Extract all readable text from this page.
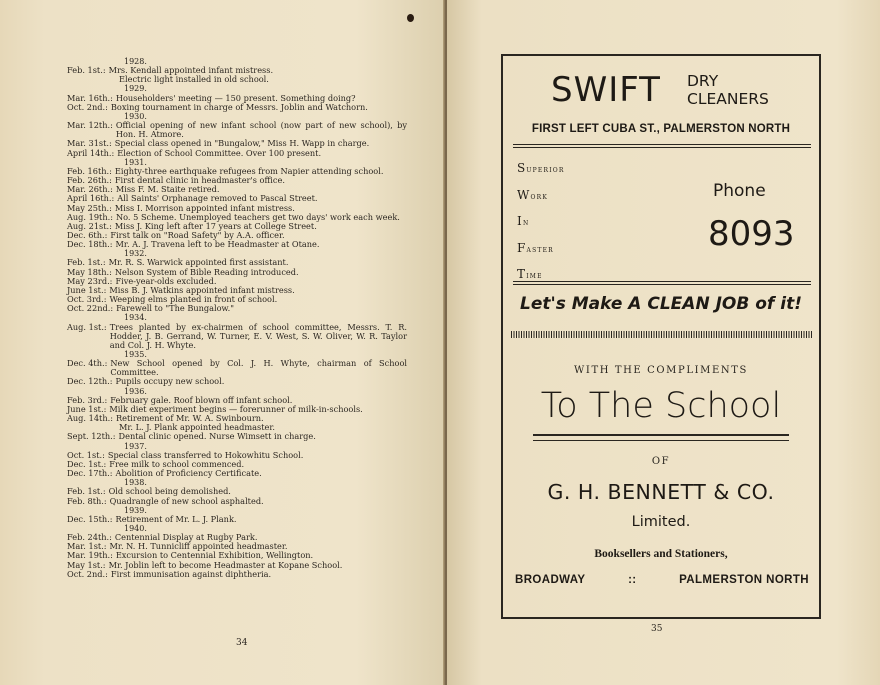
1928.
Feb. 1st.: Mrs. Kendall appointed infant mistress.
Electric light installed in old school.
1929.
Mar. 16th.: Householders' meeting — 150 present. Something doing?
Oct. 2nd.: Boxing tournament in charge of Messrs. Joblin and Watchorn.
1930.
Mar. 12th.: Official opening of new infant school (now part of new school), by Hon. H. Atmore.
Mar. 31st.: Special class opened in "Bungalow," Miss H. Wapp in charge.
April 14th.: Election of School Committee. Over 100 present.
1931.
Feb. 16th.: Eighty-three earthquake refugees from Napier attending school.
Feb. 26th.: First dental clinic in headmaster's office.
Mar. 26th.: Miss F. M. Staite retired.
April 16th.: All Saints' Orphanage removed to Pascal Street.
May 25th.: Miss I. Morrison appointed infant mistress.
Aug. 19th.: No. 5 Scheme. Unemployed teachers get two days' work each week.
Aug. 21st.: Miss J. King left after 17 years at College Street.
Dec. 6th.: First talk on "Road Safety" by A.A. officer.
Dec. 18th.: Mr. A. J. Travena left to be Headmaster at Otane.
1932.
Feb. 1st.: Mr. R. S. Warwick appointed first assistant.
May 18th.: Nelson System of Bible Reading introduced.
May 23rd.: Five-year-olds excluded.
June 1st.: Miss B. J. Watkins appointed infant mistress.
Oct. 3rd.: Weeping elms planted in front of school.
Oct. 22nd.: Farewell to "The Bungalow."
1934.
Aug. 1st.: Trees planted by ex-chairmen of school committee, Messrs. T. R. Hodder, J. B. Gerrand, W. Turner, E. V. West, S. W. Oliver, W. R. Taylor and Col. J. H. Whyte.
1935.
Dec. 4th.: New School opened by Col. J. H. Whyte, chairman of School Committee.
Dec. 12th.: Pupils occupy new school.
1936.
Feb. 3rd.: February gale. Roof blown off infant school.
June 1st.: Milk diet experiment begins — forerunner of milk-in-schools.
Aug. 14th.: Retirement of Mr. W. A. Swinbourn.
Mr. L. J. Plank appointed headmaster.
Sept. 12th.: Dental clinic opened. Nurse Wimsett in charge.
1937.
Oct. 1st.: Special class transferred to Hokowhitu School.
Dec. 1st.: Free milk to school commenced.
Dec. 17th.: Abolition of Proficiency Certificate.
1938.
Feb. 1st.: Old school being demolished.
Feb. 8th.: Quadrangle of new school asphalted.
1939.
Dec. 15th.: Retirement of Mr. L. J. Plank.
1940.
Feb. 24th.: Centennial Display at Rugby Park.
Mar. 1st.: Mr. N. H. Tunnicliff appointed headmaster.
Mar. 19th.: Excursion to Centennial Exhibition, Wellington.
May 1st.: Mr. Joblin left to become Headmaster at Kopane School.
Oct. 2nd.: First immunisation against diphtheria.
34
SWIFT DRY
CLEANERS
FIRST LEFT CUBA ST., PALMERSTON NORTH
Superior
Work
In
Faster
Time
Phone
8093
Let's Make A CLEAN JOB of it!
WITH THE COMPLIMENTS
To The School
OF
G. H. BENNETT & CO.
Limited.
Booksellers and Stationers,
BROADWAY	::	PALMERSTON NORTH
35
